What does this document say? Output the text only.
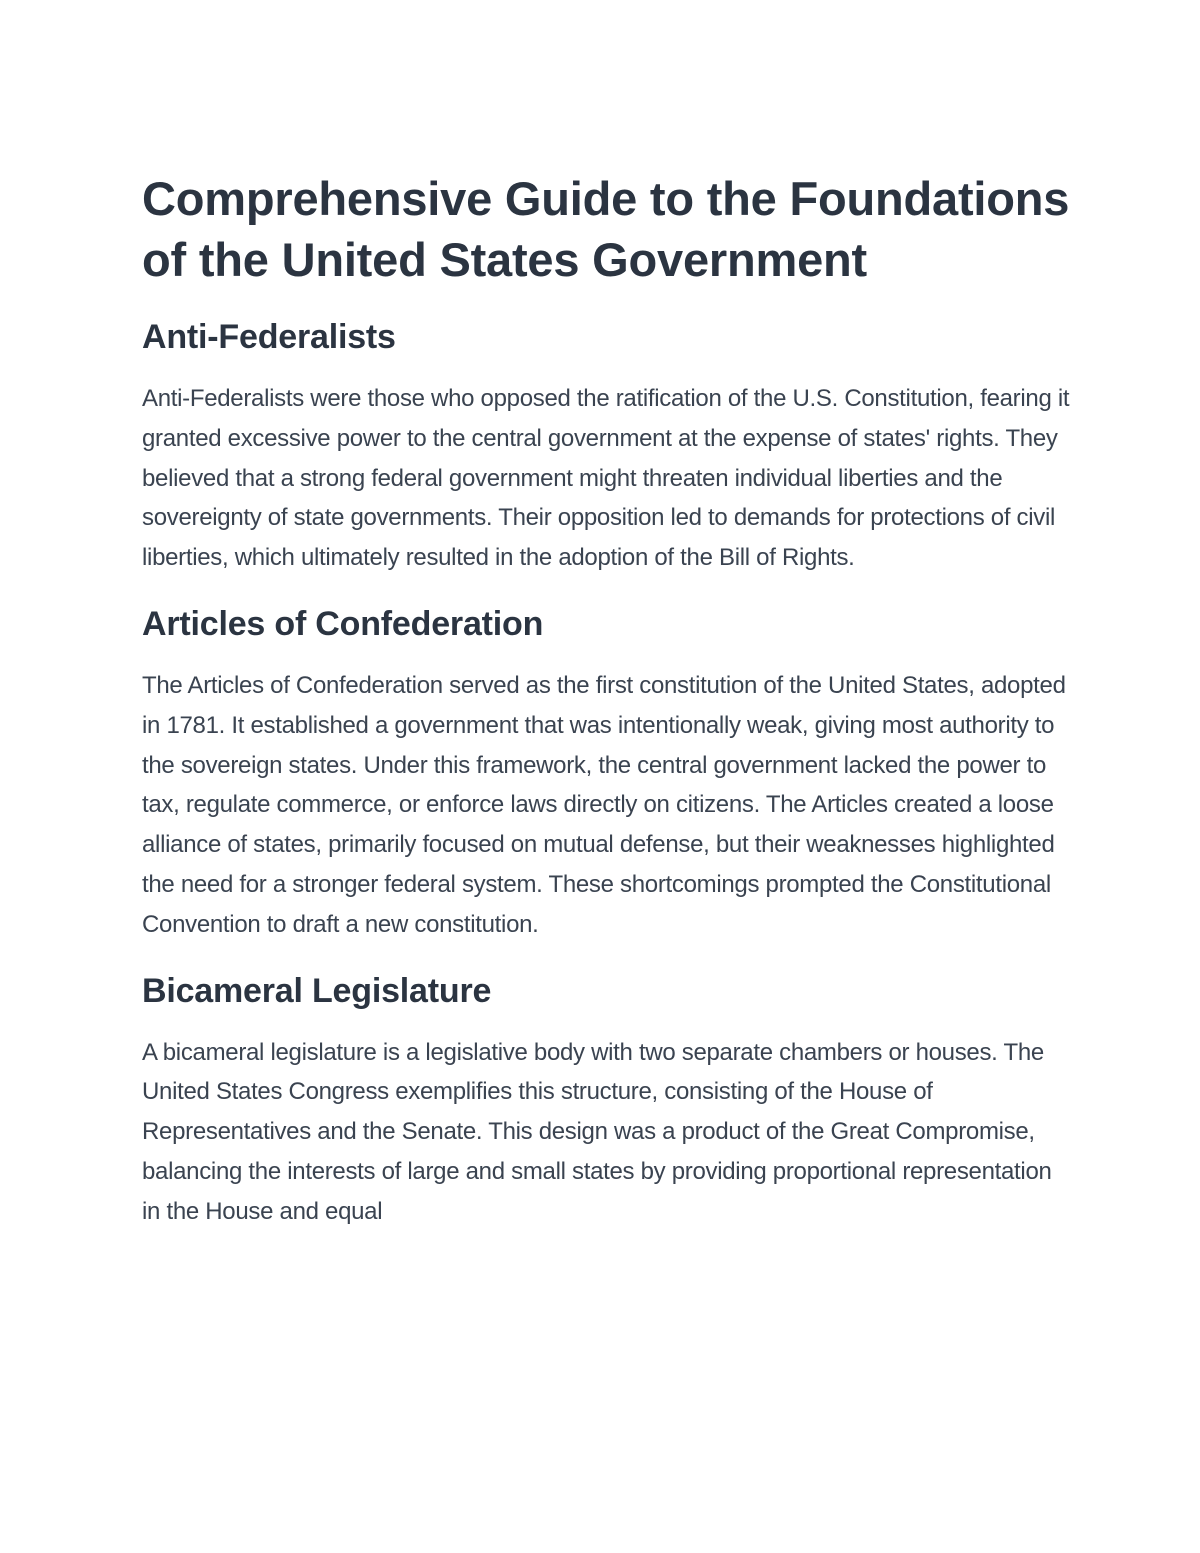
Comprehensive Guide to the Foundations of the United States Government
Anti-Federalists

Anti-Federalists were those who opposed the ratification of the U.S. Constitution, fearing it granted excessive power to the central government at the expense of states' rights. They believed that a strong federal government might threaten individual liberties and the sovereignty of state governments. Their opposition led to demands for protections of civil liberties, which ultimately resulted in the adoption of the Bill of Rights.

Articles of Confederation

The Articles of Confederation served as the first constitution of the United States, adopted in 1781. It established a government that was intentionally weak, giving most authority to the sovereign states. Under this framework, the central government lacked the power to tax, regulate commerce, or enforce laws directly on citizens. The Articles created a loose alliance of states, primarily focused on mutual defense, but their weaknesses highlighted the need for a stronger federal system. These shortcomings prompted the Constitutional Convention to draft a new constitution.

Bicameral Legislature

A bicameral legislature is a legislative body with two separate chambers or houses. The United States Congress exemplifies this structure, consisting of the House of Representatives and the Senate. This design was a product of the Great Compromise, balancing the interests of large and small states by providing proportional representation in the House and equal
